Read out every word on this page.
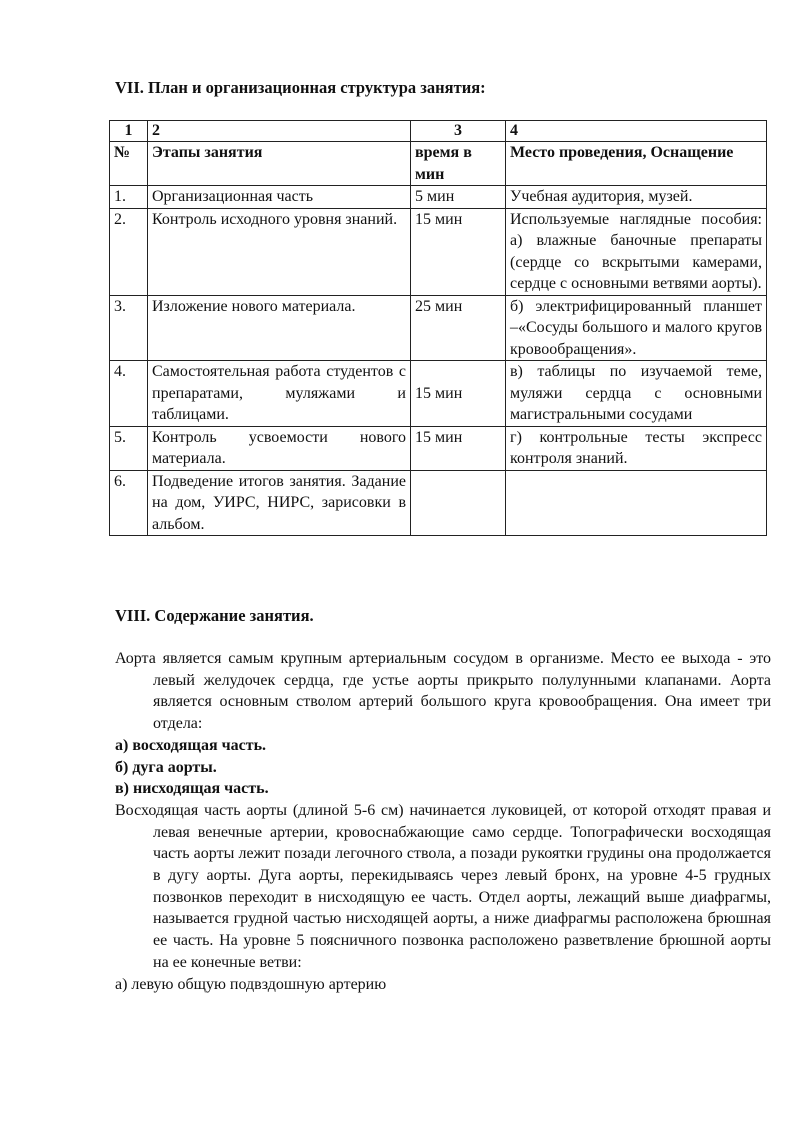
VII. План и организационная структура занятия:
1	2	3	4
№	Этапы занятия	время в мин	Место проведения, Оснащение
1.	Организационная часть	5 мин	Учебная аудитория, музей.
2.	Контроль исходного уровня знаний.	15 мин	Используемые наглядные пособия: а) влажные баночные препараты (сердце со вскрытыми камерами, сердце с основными ветвями аорты).
3.	Изложение нового материала.	25 мин	б) электрифицированный планшет –«Сосуды большого и малого кругов кровообращения».
4.	Самостоятельная работа студентов с препаратами, муляжами и таблицами.	15 мин	в) таблицы по изучаемой теме, муляжи сердца с основными магистральными сосудами
5.	Контроль усвоемости нового материала.	15 мин	г) контрольные тесты экспресс контроля знаний.
6.	Подведение итогов занятия. Задание на дом, УИРС, НИРС, зарисовки в альбом.		
VIII. Содержание занятия.

Аорта является самым крупным артериальным сосудом в организме. Место ее выхода - это левый желудочек сердца, где устье аорты прикрыто полулунными клапанами. Аорта является основным стволом артерий большого круга кровообращения. Она имеет три отдела:

а) восходящая часть.

б) дуга аорты.

в) нисходящая часть.

Восходящая часть аорты (длиной 5-6 см) начинается луковицей, от которой отходят правая и левая венечные артерии, кровоснабжающие само сердце. Топографически восходящая часть аорты лежит позади легочного ствола, а позади рукоятки грудины она продолжается в дугу аорты. Дуга аорты, перекидываясь через левый бронх, на уровне 4-5 грудных позвонков переходит в нисходящую ее часть. Отдел аорты, лежащий выше диафрагмы, называется грудной частью нисходящей аорты, а ниже диафрагмы расположена брюшная ее часть. На уровне 5 поясничного позвонка расположено разветвление брюшной аорты на ее конечные ветви:

а) левую общую подвздошную артерию
